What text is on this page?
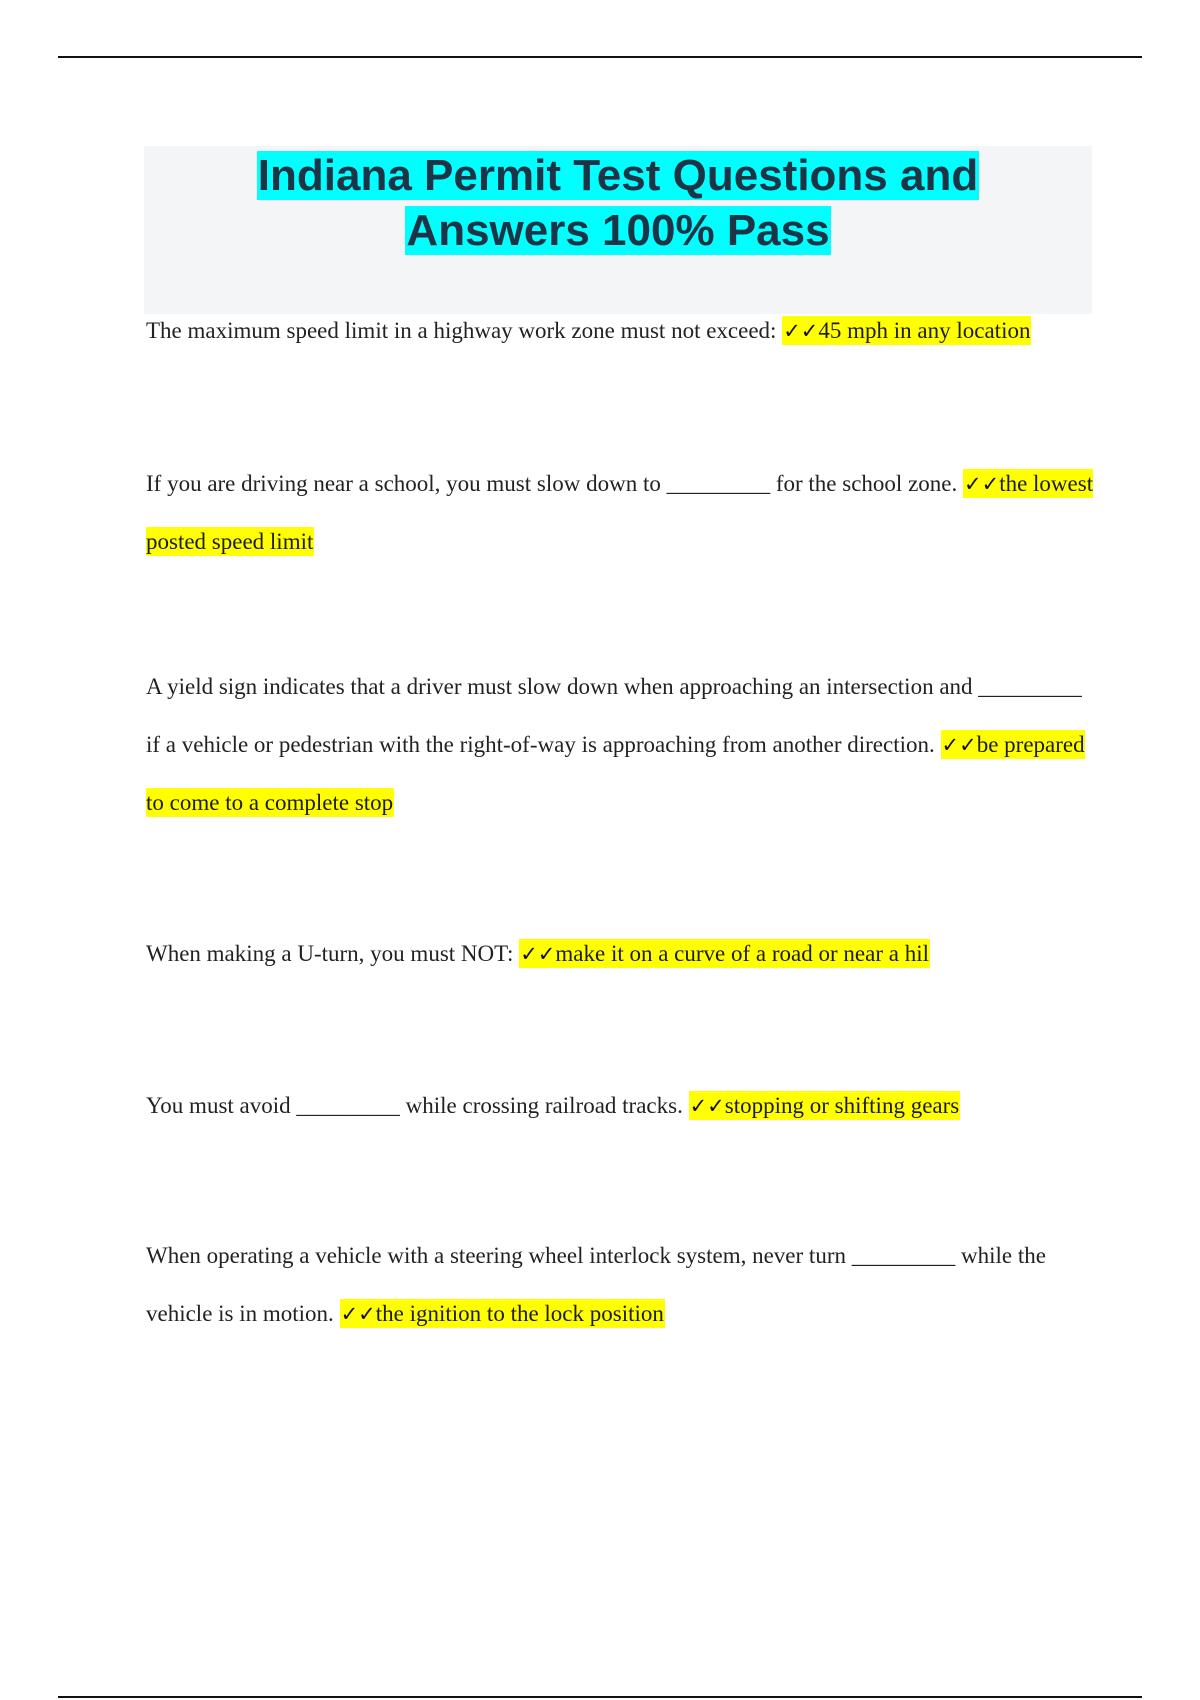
Indiana Permit Test Questions and
Answers 100% Pass

The maximum speed limit in a highway work zone must not exceed: ✓✓45 mph in any location

If you are driving near a school, you must slow down to _________ for the school zone. ✓✓the lowest posted speed limit

A yield sign indicates that a driver must slow down when approaching an intersection and _________ if a vehicle or pedestrian with the right-of-way is approaching from another direction. ✓✓be prepared to come to a complete stop

When making a U-turn, you must NOT: ✓✓make it on a curve of a road or near a hil

You must avoid _________ while crossing railroad tracks. ✓✓stopping or shifting gears

When operating a vehicle with a steering wheel interlock system, never turn _________ while the vehicle is in motion. ✓✓the ignition to the lock position
